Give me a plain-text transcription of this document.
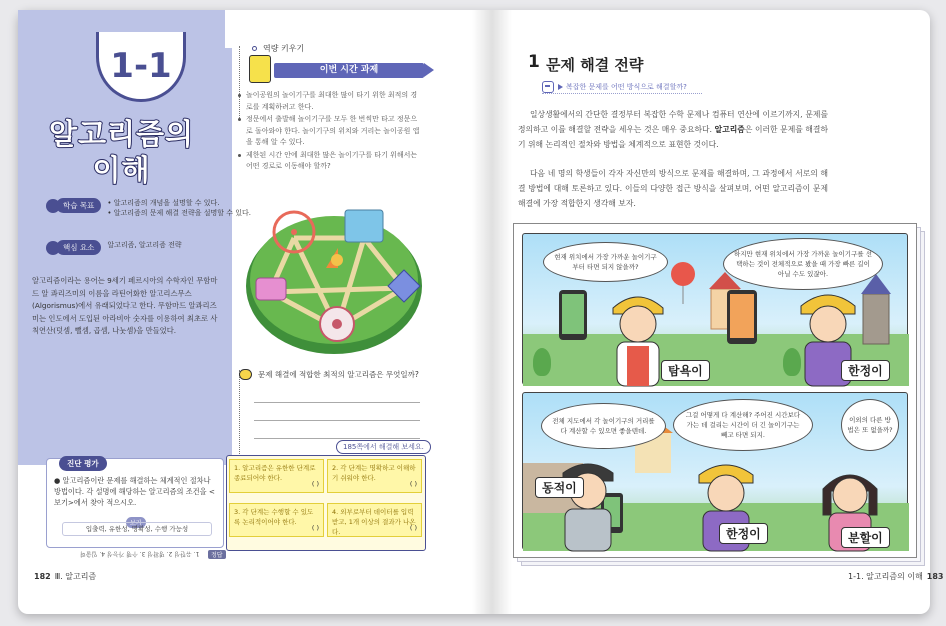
1-1
알고리즘의
이해
학습 목표	• 알고리즘의 개념을 설명할 수 있다.
• 알고리즘의 문제 해결 전략을 설명할 수 있다.
핵심 요소	알고리즘, 알고리즘 전략

알고리즘이라는 용어는 9세기 페르시아의 수학자인 무함마드 알 콰리즈미의 이름을 라틴어화한 알고리스무스(Algorismus)에서 유래되었다고 한다. 무함마드 알콰리즈미는 인도에서 도입된 아라비아 숫자를 이용하여 최초로 사칙연산(덧셈, 뺄셈, 곱셈, 나눗셈)을 만들었다.

역량 키우기
이번 시간 과제
놀이공원의 놀이기구를 최대한 많이 타기 위한 최적의 경로를 계획하려고 한다.
정문에서 출발해 놀이기구를 모두 한 번씩만 타고 정문으로 돌아와야 한다. 놀이기구의 위치와 거리는 놀이공원 앱을 통해 알 수 있다.
제한된 시간 안에 최대한 많은 놀이기구를 타기 위해서는 어떤 경로로 이동해야 할까?
문제 해결에 적합한 최적의 알고리즘은 무엇일까?
185쪽에서 해결해 보세요.
진단 평가

● 알고리즘이란 문제를 해결하는 체계적인 절차나 방법이다. 각 설명에 해당하는 알고리즘의 조건을 <보기>에서 찾아 적으시오.

보기
입출력, 유한성, 명확성, 수행 가능성
1. 알고리즘은 유한한 단계로 종료되어야 한다.
( )
2. 각 단계는 명확하고 이해하기 쉬워야 한다.
( )
3. 각 단계는 수행할 수 있도록 논리적이어야 한다.
( )
4. 외부로부터 데이터를 입력받고, 1개 이상의 결과가 나온다.	( )
1. 유한성 2. 명확성 3. 수행 가능성 4. 입출력	정답
182 Ⅲ. 알고리즘
1 문제 해결 전략
복잡한 문제를 어떤 방식으로 해결할까?

일상생활에서의 간단한 결정부터 복잡한 수학 문제나 컴퓨터 연산에 이르기까지, 문제를 정의하고 이를 해결할 전략을 세우는 것은 매우 중요하다. 알고리즘은 이러한 문제를 해결하기 위해 논리적인 절차와 방법을 체계적으로 표현한 것이다.

다음 네 명의 학생들이 각자 자신만의 방식으로 문제를 해결하며, 그 과정에서 서로의 해결 방법에 대해 토론하고 있다. 이들의 다양한 접근 방식을 살펴보며, 어떤 알고리즘이 문제 해결에 가장 적합한지 생각해 보자.

현재 위치에서 가장 가까운 놀이기구부터 타면 되지 않을까?
하지만 현재 위치에서 가장 가까운 놀이기구를 선택하는 것이 전체적으로 봤을 때 가장 빠른 길이 아닐 수도 있잖아.
탐욕이	한정이
전체 지도에서 각 놀이기구의 거리를 다 계산할 수 있으면 좋을텐데.
그걸 어떻게 다 계산해? 주어진 시간보다 가는 데 걸리는 시간이 더 긴 놀이기구는 빼고 타면 되지.
이외의 다른 방법은 또 없을까?
동적이
한정이	분할이
1-1. 알고리즘의 이해 183
